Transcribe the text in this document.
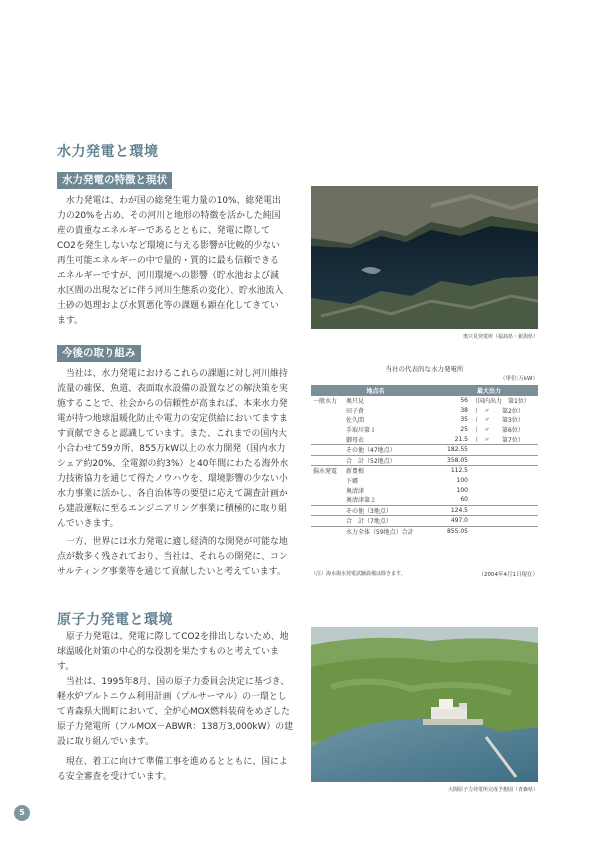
水力発電と環境
水力発電の特徴と現状

水力発電は、わが国の総発生電力量の10%、総発電出力の20%を占め、その河川と地形の特徴を活かした純国産の貴重なエネルギーであるとともに、発電に際してCO2を発生しないなど環境に与える影響が比較的少ない再生可能エネルギーの中で量的・質的に最も信頼できるエネルギーですが、河川環境への影響（貯水池および減水区間の出現などに伴う河川生態系の変化）、貯水池流入土砂の処理および水質悪化等の課題も顕在化してきています。

奥只見発電所（福島県・新潟県）
今後の取り組み

当社は、水力発電におけるこれらの課題に対し河川維持流量の確保、魚道、表面取水設備の設置などの解決策を実施することで、社会からの信頼性が高まれば、本来水力発電が持つ地球温暖化防止や電力の安定供給においてますます貢献できると認識しています。また、これまでの国内大小合わせて59カ所、855万kW以上の水力開発（国内水力シェア約20%、全電源の約3%）と40年間にわたる海外水力技術協力を通じて得たノウハウを、環境影響の少ない小水力事業に活かし、各自治体等の要望に応えて調査計画から建設運転に至るエンジニアリング事業に積極的に取り組んでいきます。

一方、世界には水力発電に適し経済的な開発が可能な地点が数多く残されており、当社は、それらの開発に、コンサルティング事業等を通じて貢献したいと考えています。

当社の代表的な水力発電所
（単位:万kW）
地点名		最大出力	
一般水力	奥只見	56	（国内出力　第1位）
	田子倉	38	（　〃　　第2位）
	佐久間	35	（　〃　　第3位）
	手取川第１	25	（　〃　　第6位）
	御母衣	21.5	（　〃　　第7位）
	その他（47地点）	182.55	
	合　計（52地点）	358.05	
揚水発電	新豊根	112.5	
	下郷	100	
	奥清津	100	
	奥清津第２	60	
	その他（3地点）	124.5	
	合　計（7地点）	497.0	
	水力全体（59地点）合計	855.05	
（注）海水揚水発電試験設備は除きます。	（2004年4月1日現在）
原子力発電と環境

原子力発電は、発電に際してCO2を排出しないため、地球温暖化対策の中心的な役割を果たすものと考えています。

当社は、1995年8月、国の原子力委員会決定に基づき、軽水炉プルトニウム利用計画（プルサーマル）の一環として青森県大間町において、全炉心MOX燃料装荷をめざした原子力発電所（フルMOX－ABWR：138万3,000kW）の建設に取り組んでいます。

現在、着工に向けて準備工事を進めるとともに、国による安全審査を受けています。

大間原子力発電所完成予想図（青森県）
5
